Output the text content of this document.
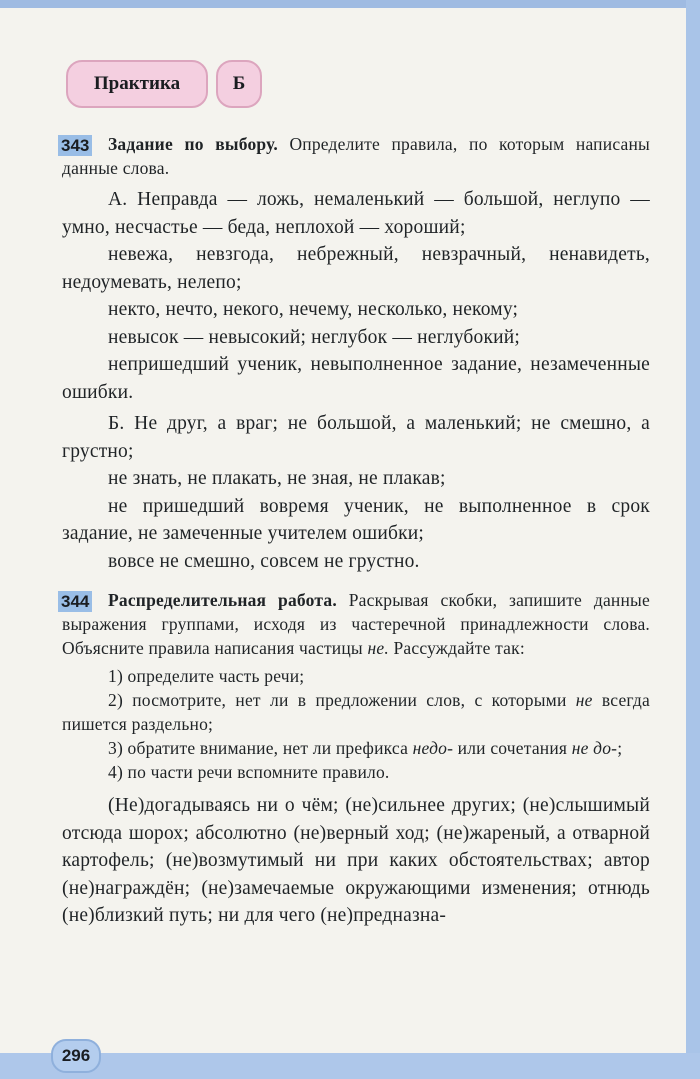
Практика	Б
343	Задание по выбору. Определите правила, по которым написаны данные слова.

А. Неправда — ложь, немаленький — большой, неглупо — умно, несчастье — беда, неплохой — хороший;

невежа, невзгода, небрежный, невзрачный, ненавидеть, недоумевать, нелепо;

некто, нечто, некого, нечему, несколько, некому;

невысок — невысокий; неглубок — неглубокий;

непришедший ученик, невыполненное задание, незамеченные ошибки.

Б. Не друг, а враг; не большой, а маленький; не смешно, а грустно;

не знать, не плакать, не зная, не плакав;

не пришедший вовремя ученик, не выполненное в срок задание, не замеченные учителем ошибки;

вовсе не смешно, совсем не грустно.

344	Распределительная работа. Раскрывая скобки, запишите данные выражения группами, исходя из частеречной принадлежности слова. Объясните правила написания частицы не. Рассуждайте так:

1) определите часть речи;

2) посмотрите, нет ли в предложении слов, с которыми не всегда пишется раздельно;

3) обратите внимание, нет ли префикса недо- или сочетания не до-;

4) по части речи вспомните правило.

(Не)догадываясь ни о чём; (не)сильнее других; (не)слышимый отсюда шорох; абсолютно (не)верный ход; (не)жареный, а отварной картофель; (не)возмутимый ни при каких обстоятельствах; автор (не)награждён; (не)замечаемые окружающими изменения; отнюдь (не)близкий путь; ни для чего (не)предназна-

296
